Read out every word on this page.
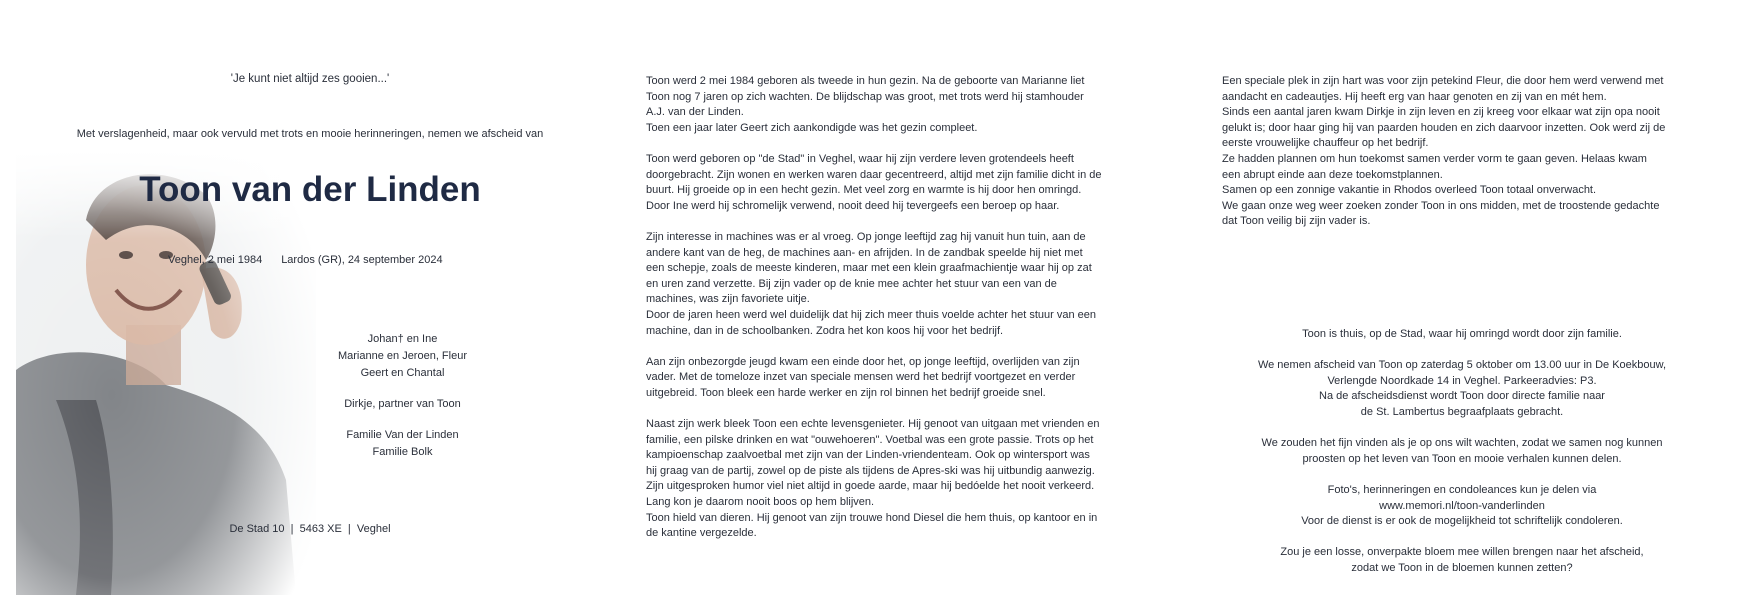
'Je kunt niet altijd zes gooien...'
Met verslagenheid, maar ook vervuld met trots en mooie herinneringen, nemen we afscheid van
Toon van der Linden
Veghel, 2 mei 1984 Lardos (GR), 24 september 2024
Johan† en Ine
Marianne en Jeroen, Fleur
Geert en Chantal
Dirkje, partner van Toon
Familie Van der Linden
Familie Bolk
De Stad 10  |  5463 XE  |  Veghel

Toon werd 2 mei 1984 geboren als tweede in hun gezin. Na de geboorte van Marianne liet
Toon nog 7 jaren op zich wachten. De blijdschap was groot, met trots werd hij stamhouder
A.J. van der Linden.
Toen een jaar later Geert zich aankondigde was het gezin compleet.

Toon werd geboren op "de Stad" in Veghel, waar hij zijn verdere leven grotendeels heeft
doorgebracht. Zijn wonen en werken waren daar gecentreerd, altijd met zijn familie dicht in de
buurt. Hij groeide op in een hecht gezin. Met veel zorg en warmte is hij door hen omringd.
Door Ine werd hij schromelijk verwend, nooit deed hij tevergeefs een beroep op haar.

Zijn interesse in machines was er al vroeg. Op jonge leeftijd zag hij vanuit hun tuin, aan de
andere kant van de heg, de machines aan- en afrijden. In de zandbak speelde hij niet met
een schepje, zoals de meeste kinderen, maar met een klein graafmachientje waar hij op zat
en uren zand verzette. Bij zijn vader op de knie mee achter het stuur van een van de
machines, was zijn favoriete uitje.
Door de jaren heen werd wel duidelijk dat hij zich meer thuis voelde achter het stuur van een
machine, dan in de schoolbanken. Zodra het kon koos hij voor het bedrijf.

Aan zijn onbezorgde jeugd kwam een einde door het, op jonge leeftijd, overlijden van zijn
vader. Met de tomeloze inzet van speciale mensen werd het bedrijf voortgezet en verder
uitgebreid. Toon bleek een harde werker en zijn rol binnen het bedrijf groeide snel.

Naast zijn werk bleek Toon een echte levensgenieter. Hij genoot van uitgaan met vrienden en
familie, een pilske drinken en wat "ouwehoeren". Voetbal was een grote passie. Trots op het
kampioenschap zaalvoetbal met zijn van der Linden-vriendenteam. Ook op wintersport was
hij graag van de partij, zowel op de piste als tijdens de Apres-ski was hij uitbundig aanwezig.
Zijn uitgesproken humor viel niet altijd in goede aarde, maar hij bedóelde het nooit verkeerd.
Lang kon je daarom nooit boos op hem blijven.
Toon hield van dieren. Hij genoot van zijn trouwe hond Diesel die hem thuis, op kantoor en in
de kantine vergezelde.

Een speciale plek in zijn hart was voor zijn petekind Fleur, die door hem werd verwend met
aandacht en cadeautjes. Hij heeft erg van haar genoten en zij van en mét hem.
Sinds een aantal jaren kwam Dirkje in zijn leven en zij kreeg voor elkaar wat zijn opa nooit
gelukt is; door haar ging hij van paarden houden en zich daarvoor inzetten. Ook werd zij de
eerste vrouwelijke chauffeur op het bedrijf.
Ze hadden plannen om hun toekomst samen verder vorm te gaan geven. Helaas kwam
een abrupt einde aan deze toekomstplannen.
Samen op een zonnige vakantie in Rhodos overleed Toon totaal onverwacht.
We gaan onze weg weer zoeken zonder Toon in ons midden, met de troostende gedachte
dat Toon veilig bij zijn vader is.

Toon is thuis, op de Stad, waar hij omringd wordt door zijn familie.

We nemen afscheid van Toon op zaterdag 5 oktober om 13.00 uur in De Koekbouw,
Verlengde Noordkade 14 in Veghel. Parkeeradvies: P3.
Na de afscheidsdienst wordt Toon door directe familie naar
de St. Lambertus begraafplaats gebracht.

We zouden het fijn vinden als je op ons wilt wachten, zodat we samen nog kunnen
proosten op het leven van Toon en mooie verhalen kunnen delen.

Foto's, herinneringen en condoleances kun je delen via
www.memori.nl/toon-vanderlinden
Voor de dienst is er ook de mogelijkheid tot schriftelijk condoleren.

Zou je een losse, onverpakte bloem mee willen brengen naar het afscheid,
zodat we Toon in de bloemen kunnen zetten?
